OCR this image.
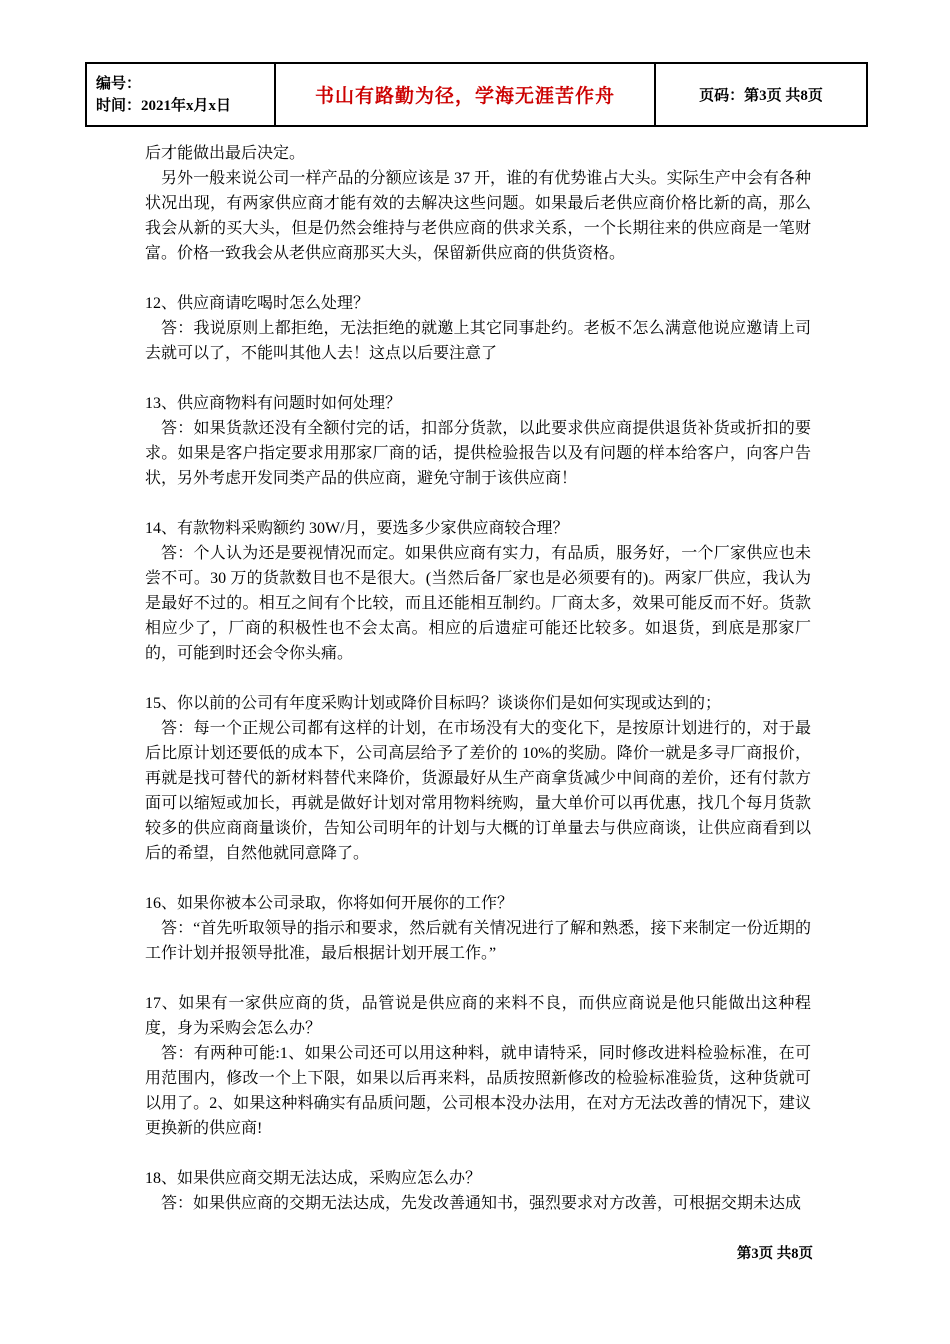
编号：
时间：2021年x月x日	书山有路勤为径，学海无涯苦作舟	页码：第3页 共8页
后才能做出最后决定。
另外一般来说公司一样产品的分额应该是 37 开，谁的有优势谁占大头。实际生产中会有各种状况出现，有两家供应商才能有效的去解决这些问题。如果最后老供应商价格比新的高，那么我会从新的买大头，但是仍然会维持与老供应商的供求关系，一个长期往来的供应商是一笔财富。价格一致我会从老供应商那买大头，保留新供应商的供货资格。
12、供应商请吃喝时怎么处理？
答：我说原则上都拒绝，无法拒绝的就邀上其它同事赴约。老板不怎么满意他说应邀请上司去就可以了，不能叫其他人去！这点以后要注意了
13、供应商物料有问题时如何处理？
答：如果货款还没有全额付完的话，扣部分货款，以此要求供应商提供退货补货或折扣的要求。如果是客户指定要求用那家厂商的话，提供检验报告以及有问题的样本给客户，向客户告状，另外考虑开发同类产品的供应商，避免守制于该供应商！
14、有款物料采购额约 30W/月，要选多少家供应商较合理？
答：个人认为还是要视情况而定。如果供应商有实力，有品质，服务好，一个厂家供应也未尝不可。30 万的货款数目也不是很大。(当然后备厂家也是必须要有的)。两家厂供应，我认为是最好不过的。相互之间有个比较，而且还能相互制约。厂商太多，效果可能反而不好。货款相应少了，厂商的积极性也不会太高。相应的后遗症可能还比较多。如退货，到底是那家厂的，可能到时还会令你头痛。
15、你以前的公司有年度采购计划或降价目标吗？谈谈你们是如何实现或达到的；
答：每一个正规公司都有这样的计划，在市场没有大的变化下，是按原计划进行的，对于最后比原计划还要低的成本下，公司高层给予了差价的 10%的奖励。降价一就是多寻厂商报价，再就是找可替代的新材料替代来降价，货源最好从生产商拿货减少中间商的差价，还有付款方面可以缩短或加长，再就是做好计划对常用物料统购，量大单价可以再优惠，找几个每月货款较多的供应商商量谈价，告知公司明年的计划与大概的订单量去与供应商谈，让供应商看到以后的希望，自然他就同意降了。
16、如果你被本公司录取，你将如何开展你的工作？
答：“首先听取领导的指示和要求，然后就有关情况进行了解和熟悉，接下来制定一份近期的工作计划并报领导批准，最后根据计划开展工作。”
17、如果有一家供应商的货，品管说是供应商的来料不良，而供应商说是他只能做出这种程度，身为采购会怎么办？
答：有两种可能:1、如果公司还可以用这种料，就申请特采，同时修改进料检验标准，在可用范围内，修改一个上下限，如果以后再来料，品质按照新修改的检验标准验货，这种货就可以用了。2、如果这种料确实有品质问题，公司根本没办法用，在对方无法改善的情况下，建议更换新的供应商!
18、如果供应商交期无法达成，采购应怎么办？
答：如果供应商的交期无法达成，先发改善通知书，强烈要求对方改善，可根据交期未达成
第3页 共8页
